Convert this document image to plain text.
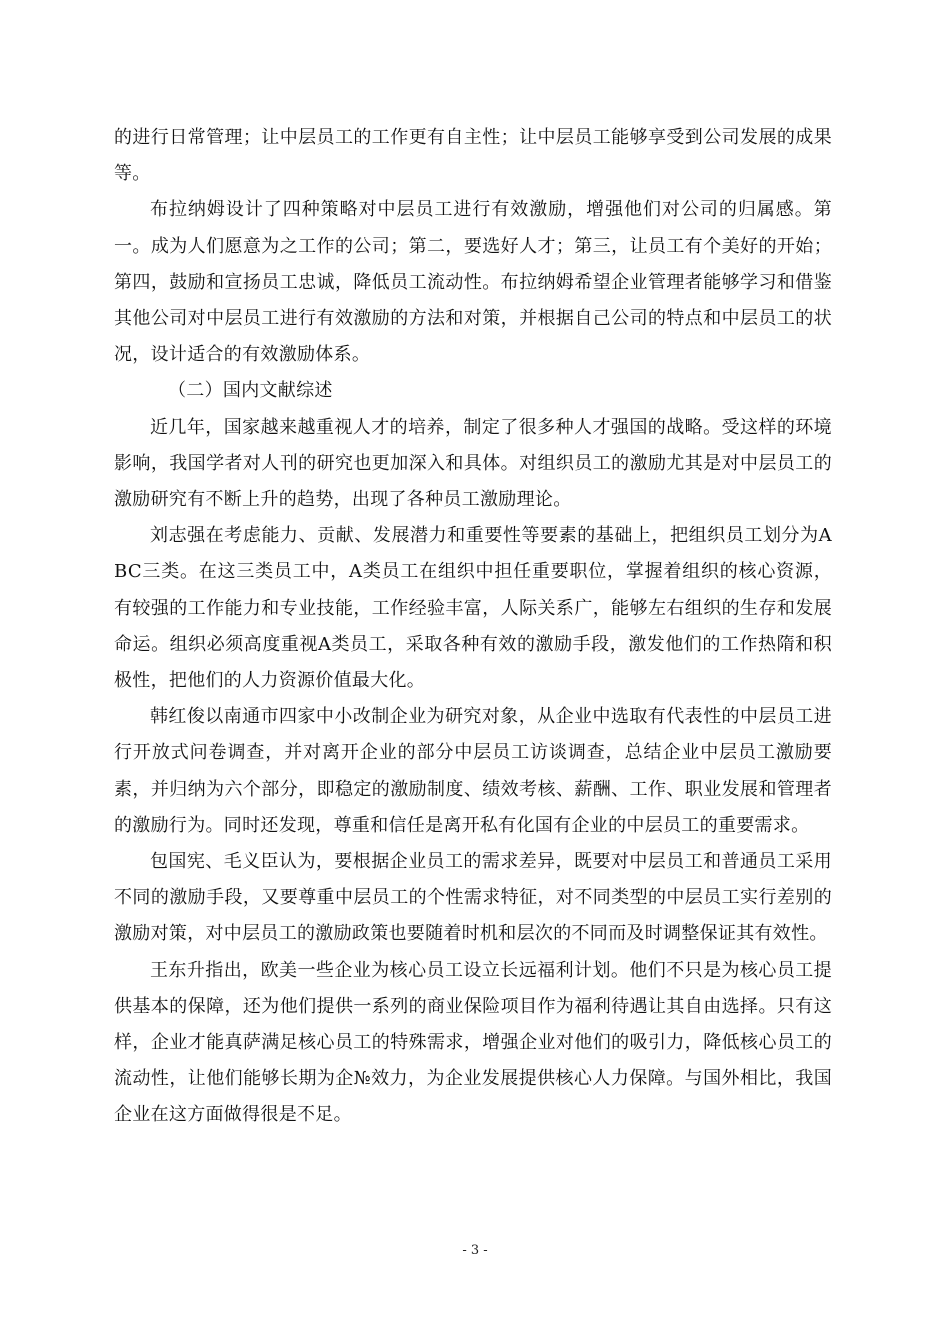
的进行日常管理；让中层员工的工作更有自主性；让中层员工能够享受到公司发展的成果等。

布拉纳姆设计了四种策略对中层员工进行有效激励，增强他们对公司的归属感。第一。成为人们愿意为之工作的公司；第二，要选好人才；第三，让员工有个美好的开始；第四，鼓励和宣扬员工忠诚，降低员工流动性。布拉纳姆希望企业管理者能够学习和借鉴其他公司对中层员工进行有效激励的方法和对策，并根据自己公司的特点和中层员工的状况，设计适合的有效激励体系。

（二）国内文献综述

近几年，国家越来越重视人才的培养，制定了很多种人才强国的战略。受这样的环境影响，我国学者对人刊的研究也更加深入和具体。对组织员工的激励尤其是对中层员工的激励研究有不断上升的趋势，出现了各种员工激励理论。

刘志强在考虑能力、贡献、发展潜力和重要性等要素的基础上，把组织员工划分为ABC三类。在这三类员工中，A类员工在组织中担任重要职位，掌握着组织的核心资源，有较强的工作能力和专业技能，工作经验丰富，人际关系广，能够左右组织的生存和发展命运。组织必须高度重视A类员工，采取各种有效的激励手段，激发他们的工作热隋和积极性，把他们的人力资源价值最大化。

韩红俊以南通市四家中小改制企业为研究对象，从企业中选取有代表性的中层员工进行开放式问卷调查，并对离开企业的部分中层员工访谈调查，总结企业中层员工激励要素，并归纳为六个部分，即稳定的激励制度、绩效考核、薪酬、工作、职业发展和管理者的激励行为。同时还发现，尊重和信任是离开私有化国有企业的中层员工的重要需求。

包国宪、毛义臣认为，要根据企业员工的需求差异，既要对中层员工和普通员工采用不同的激励手段，又要尊重中层员工的个性需求特征，对不同类型的中层员工实行差别的激励对策，对中层员工的激励政策也要随着时机和层次的不同而及时调整保证其有效性。

王东升指出，欧美一些企业为核心员工设立长远福利计划。他们不只是为核心员工提供基本的保障，还为他们提供一系列的商业保险项目作为福利待遇让其自由选择。只有这样，企业才能真萨满足核心员工的特殊需求，增强企业对他们的吸引力，降低核心员工的流动性，让他们能够长期为企№效力，为企业发展提供核心人力保障。与国外相比，我国企业在这方面做得很是不足。

- 3 -
